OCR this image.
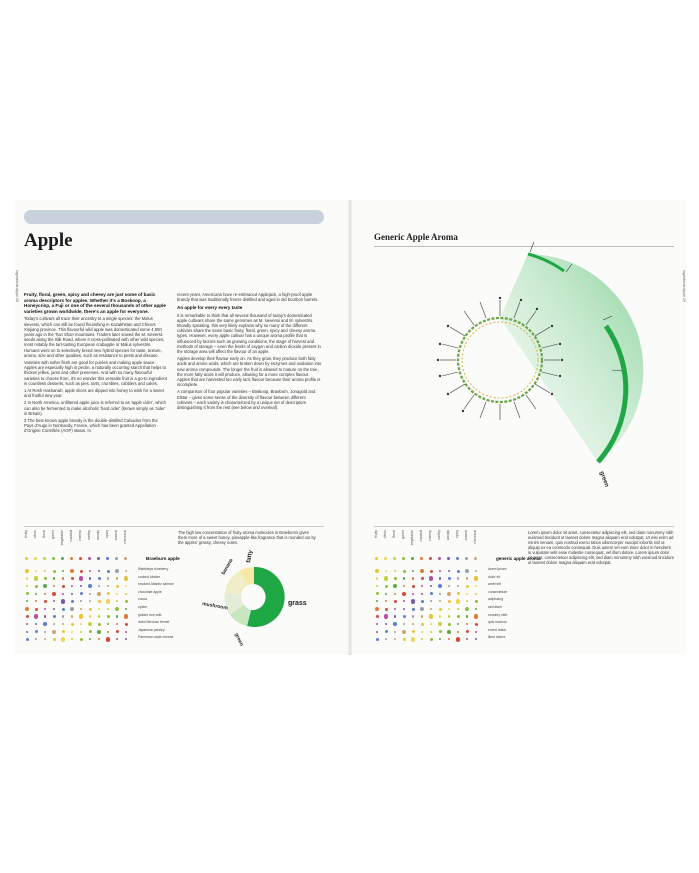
Apple
Ingredients Apple 28 Fruity, floral, green, spicy and cheesy are just some of basic aroma descriptors for apples. Whether it's a Boskoop, a Honeycrisp, a Fuji or one of the several thousands of other apple varieties grown worldwide, there's an apple for everyone.

Today's cultivars all trace their ancestry to a single species: the Malus sieversii, which can still be found flourishing in Kazakhstan and China's Xinjiang province. This flavourful wild apple was domesticated some 4,000 years ago in the Tian Shan mountains. Traders later sowed the M. sieversii seeds along the Silk Road, where it cross-pollinated with other wild species, most notably the tart-tasting European crabapple or Malus sylvestris. Humans went on to selectively breed new hybrid species for taste, texture, aroma, size and other qualities, such as resistance to pests and disease.

Varieties with softer flesh are good for purées and making apple sauce. Apples are especially high in pectin, a naturally occurring starch that helps to thicken jellies, jams and other preserves. And with so many flavourful varieties to choose from, it's no wonder this versatile fruit is a go-to ingredient in countless desserts, such as pies, tarts, crumbles, cobblers and cakes.

1 At Rosh Hashanah, apple slices are dipped into honey to wish for a sweet and fruitful new year.

2 In North America, unfiltered apple juice is referred to as 'apple cider', which can also be fermented to make alcoholic 'hard cider' (known simply as 'cider' in Britain).

3 The best known apple brandy is the double-distilled Calvados from the Pays d'Auge in Normandy, France, which has been granted Appellation d'Origine Contrôlée (AOP) status. In

recent years, Americans have re-embraced Applejack, a high-proof apple brandy that was traditionally freeze distilled and aged in old bourbon barrels.

An apple for every every taste

It is remarkable to think that all several thousand of today's domesticated apple cultivars share the same genomes as M. sieversii and M. sylvestris. Broadly speaking, this very likely explains why so many of the different cultivars share the same basic fruity, floral, green, spicy and cheesy aroma types. However, every apple cultivar has a unique aroma profile that is influenced by factors such as growing conditions, the stage of harvest and methods of storage – even the levels of oxygen and carbon dioxide present in the storage area will affect the flavour of an apple.

Apples develop their flavour early on. As they grow, they produce both fatty acids and amino acids, which are broken down by enzymes and oxidation into new aroma compounds. The longer the fruit is allowed to mature on the tree, the more fatty acids it will produce, allowing for a more complex flavour. Apples that are harvested too early lack flavour because their aroma profile is incomplete.

A comparison of four popular varieties – Boskoop, Braeburn, Jonagold and Elstar – gives some sense of the diversity of flavour between different cultivars – each variety is characterized by a unique set of descriptors distinguishing it from the rest (see below and overleaf).

fruity citrus floral green vegetable roasted cheesy earthy woody spicy animal chemical
Braeburn apple
Rabbiteye blueberry
cooked lobster
smoked Atlantic salmon
chocolate apple
cocoa
oyster
golden rice wild
dried Mexican fennel
Japanese parsley
Parmesan-style cheese
The high low concentration of fruity aroma molecules in Braeburns gives them more of a sweet honey, pineapple-like fragrance that is rounded out by the apples' grassy, cheesy notes.
fatty
banana
mushroom
green
grass
Generic Apple Aroma
Ingredients Apple 29
green
fruity citrus floral green vegetable roasted cheesy earthy woody spicy animal chemical
generic apple aroma
lorem ipsum
dolor sit
amet elit
consectetuer
adipiscing
sed diam
nonumy nibh
quis nostrud
exerci tation
illum dolore
Lorem ipsum dolor sit amet, consectetur adipiscing elit, sed diam nonummy nibh euismod tincidunt ut laoreet dolore magna aliquam erat volutpat. Ut wisi enim ad minim veniam, quis nostrud exerci tation ullamcorper suscipit lobortis nisl ut aliquip ex ea commodo consequat. Duis autem vel eum iriure dolor in hendrerit in vulputate velit esse molestie consequat, vel illum dolore. Lorem ipsum dolor sit amet, consectetuer adipiscing elit, sed diam nonummy nibh euismod tincidunt ut laoreet dolore magna aliquam erat volutpat.
